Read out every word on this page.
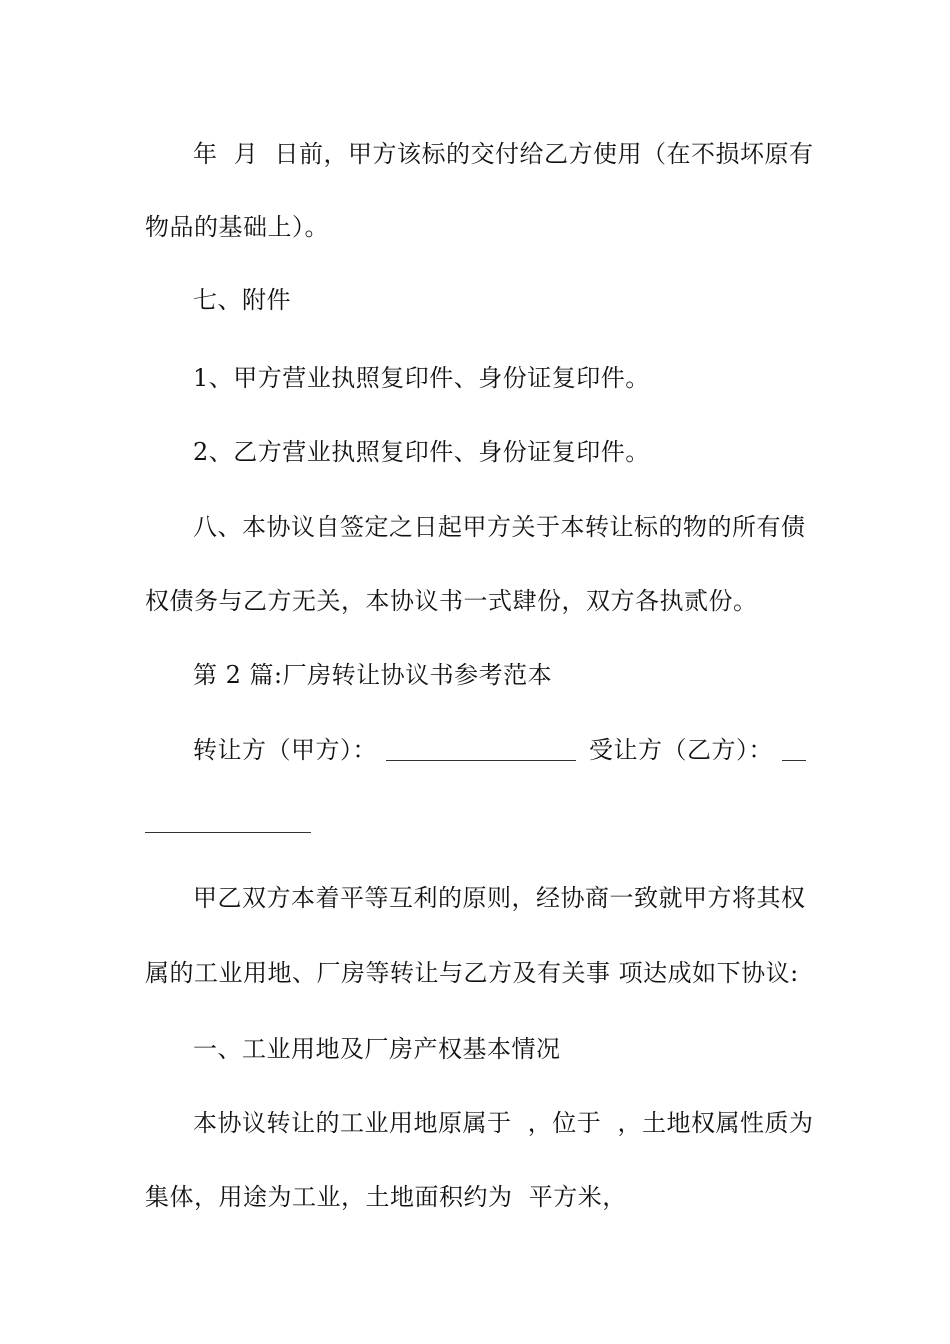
年  月  日前，甲方该标的交付给乙方使用（在不损坏原有
物品的基础上）。
七、附件
1、甲方营业执照复印件、身份证复印件。
2、乙方营业执照复印件、身份证复印件。
八、本协议自签定之日起甲方关于本转让标的物的所有债
权债务与乙方无关，本协议书一式肆份，双方各执贰份。
第 2 篇:厂房转让协议书参考范本
转让方（甲方）：	受让方（乙方）：
甲乙双方本着平等互利的原则，经协商一致就甲方将其权
属的工业用地、厂房等转让与乙方及有关事 项达成如下协议:
一、工业用地及厂房产权基本情况
本协议转让的工业用地原属于  ，位于  ，土地权属性质为
集体，用途为工业，土地面积约为  平方米，
